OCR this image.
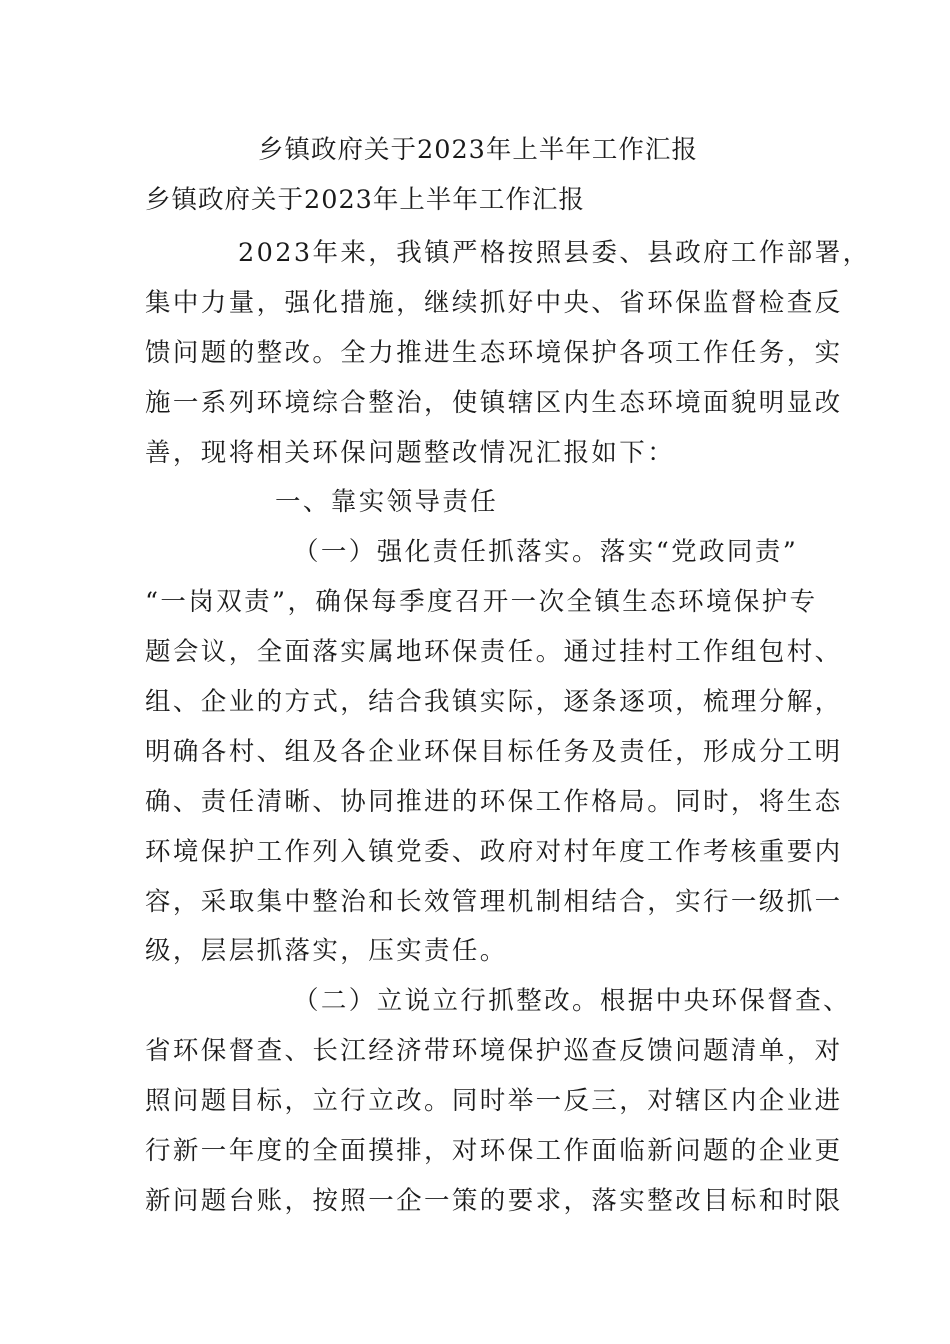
乡镇政府关于2023年上半年工作汇报
乡镇政府关于2023年上半年工作汇报
2023年来，我镇严格按照县委、县政府工作部署，
集中力量，强化措施，继续抓好中央、省环保监督检查反
馈问题的整改。全力推进生态环境保护各项工作任务，实
施一系列环境综合整治，使镇辖区内生态环境面貌明显改
善，现将相关环保问题整改情况汇报如下：
一、靠实领导责任
（一）强化责任抓落实。落实“党政同责”
“一岗双责”，确保每季度召开一次全镇生态环境保护专
题会议，全面落实属地环保责任。通过挂村工作组包村、
组、企业的方式，结合我镇实际，逐条逐项，梳理分解，
明确各村、组及各企业环保目标任务及责任，形成分工明
确、责任清晰、协同推进的环保工作格局。同时，将生态
环境保护工作列入镇党委、政府对村年度工作考核重要内
容，采取集中整治和长效管理机制相结合，实行一级抓一
级，层层抓落实，压实责任。
（二）立说立行抓整改。根据中央环保督查、
省环保督查、长江经济带环境保护巡查反馈问题清单，对
照问题目标，立行立改。同时举一反三，对辖区内企业进
行新一年度的全面摸排，对环保工作面临新问题的企业更
新问题台账，按照一企一策的要求，落实整改目标和时限
